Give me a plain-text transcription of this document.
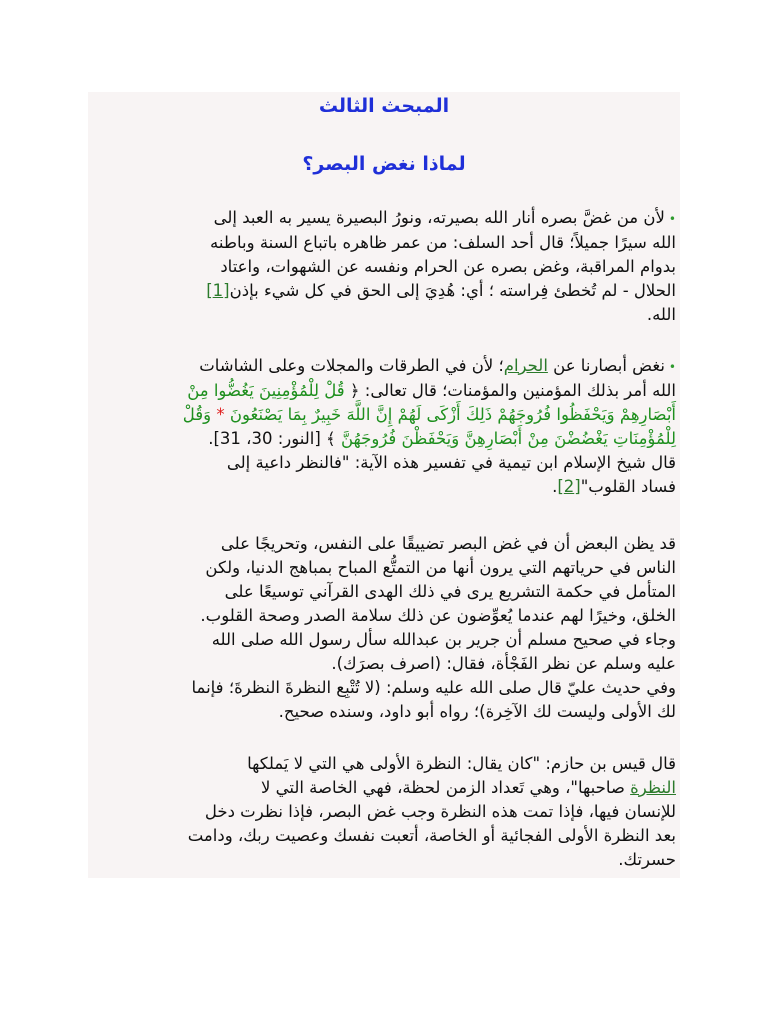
المبحث الثالث
لماذا نغض البصر؟
•لأن من غضَّ بصره أنار الله بصيرته، ونورُ البصيرة يسير به العبد إلى
الله سيرًا جميلاً؛ قال أحد السلف: من عمر ظاهره باتباع السنة وباطنه
بدوام المراقبة، وغض بصره عن الحرام ونفسه عن الشهوات، واعتاد
الحلال - لم تُخطئ فِراسته ؛ أي: هُدِيَ إلى الحق في كل شيء بإذن[1]
الله.
•نغض أبصارنا عن الحرام؛ لأن في الطرقات والمجلات وعلى الشاشات
الله أمر بذلك المؤمنين والمؤمنات؛ قال تعالى: ﴿ قُلْ لِلْمُؤْمِنِينَ يَغُضُّوا مِنْ
أَبْصَارِهِمْ وَيَحْفَظُوا فُرُوجَهُمْ ذَلِكَ أَزْكَى لَهُمْ إِنَّ اللَّهَ خَبِيرٌ بِمَا يَصْنَعُونَ * وَقُلْ
لِلْمُؤْمِنَاتِ يَغْضُضْنَ مِنْ أَبْصَارِهِنَّ وَيَحْفَظْنَ فُرُوجَهُنَّ ﴾ [النور: 30، 31].
قال شيخ الإسلام ابن تيمية في تفسير هذه الآية: "فالنظر داعية إلى
فساد القلوب"[2].
قد يظن البعض أن في غض البصر تضييقًا على النفس، وتحريجًا على
الناس في حرياتهم التي يرون أنها من التمتُّع المباح بمباهج الدنيا، ولكن
المتأمل في حكمة التشريع يرى في ذلك الهدى القرآني توسيعًا على
الخلق، وخيرًا لهم عندما يُعوِّضون عن ذلك سلامة الصدر وصحة القلوب.
وجاء في صحيح مسلم أن جرير بن عبدالله سأل رسول الله صلى الله
عليه وسلم عن نظر الفَجْأة، فقال: (اصرف بصرَك).
وفي حديث عليّ قال صلى الله عليه وسلم: (لا تُتْبِع النظرةَ النظرةَ؛ فإنما
لك الأولى وليست لك الآخِرة)؛ رواه أبو داود، وسنده صحيح.
قال قيس بن حازم: "كان يقال: النظرة الأولى هي التي لا يَملكها
النظرة صاحبها"، وهي تَعداد الزمن لحظة، فهي الخاصة التي لا
للإنسان فيها، فإذا تمت هذه النظرة وجب غض البصر، فإذا نظرت دخل
بعد النظرة الأولى الفجائية أو الخاصة، أتعبت نفسك وعصيت ربك، ودامت
حسرتك.
